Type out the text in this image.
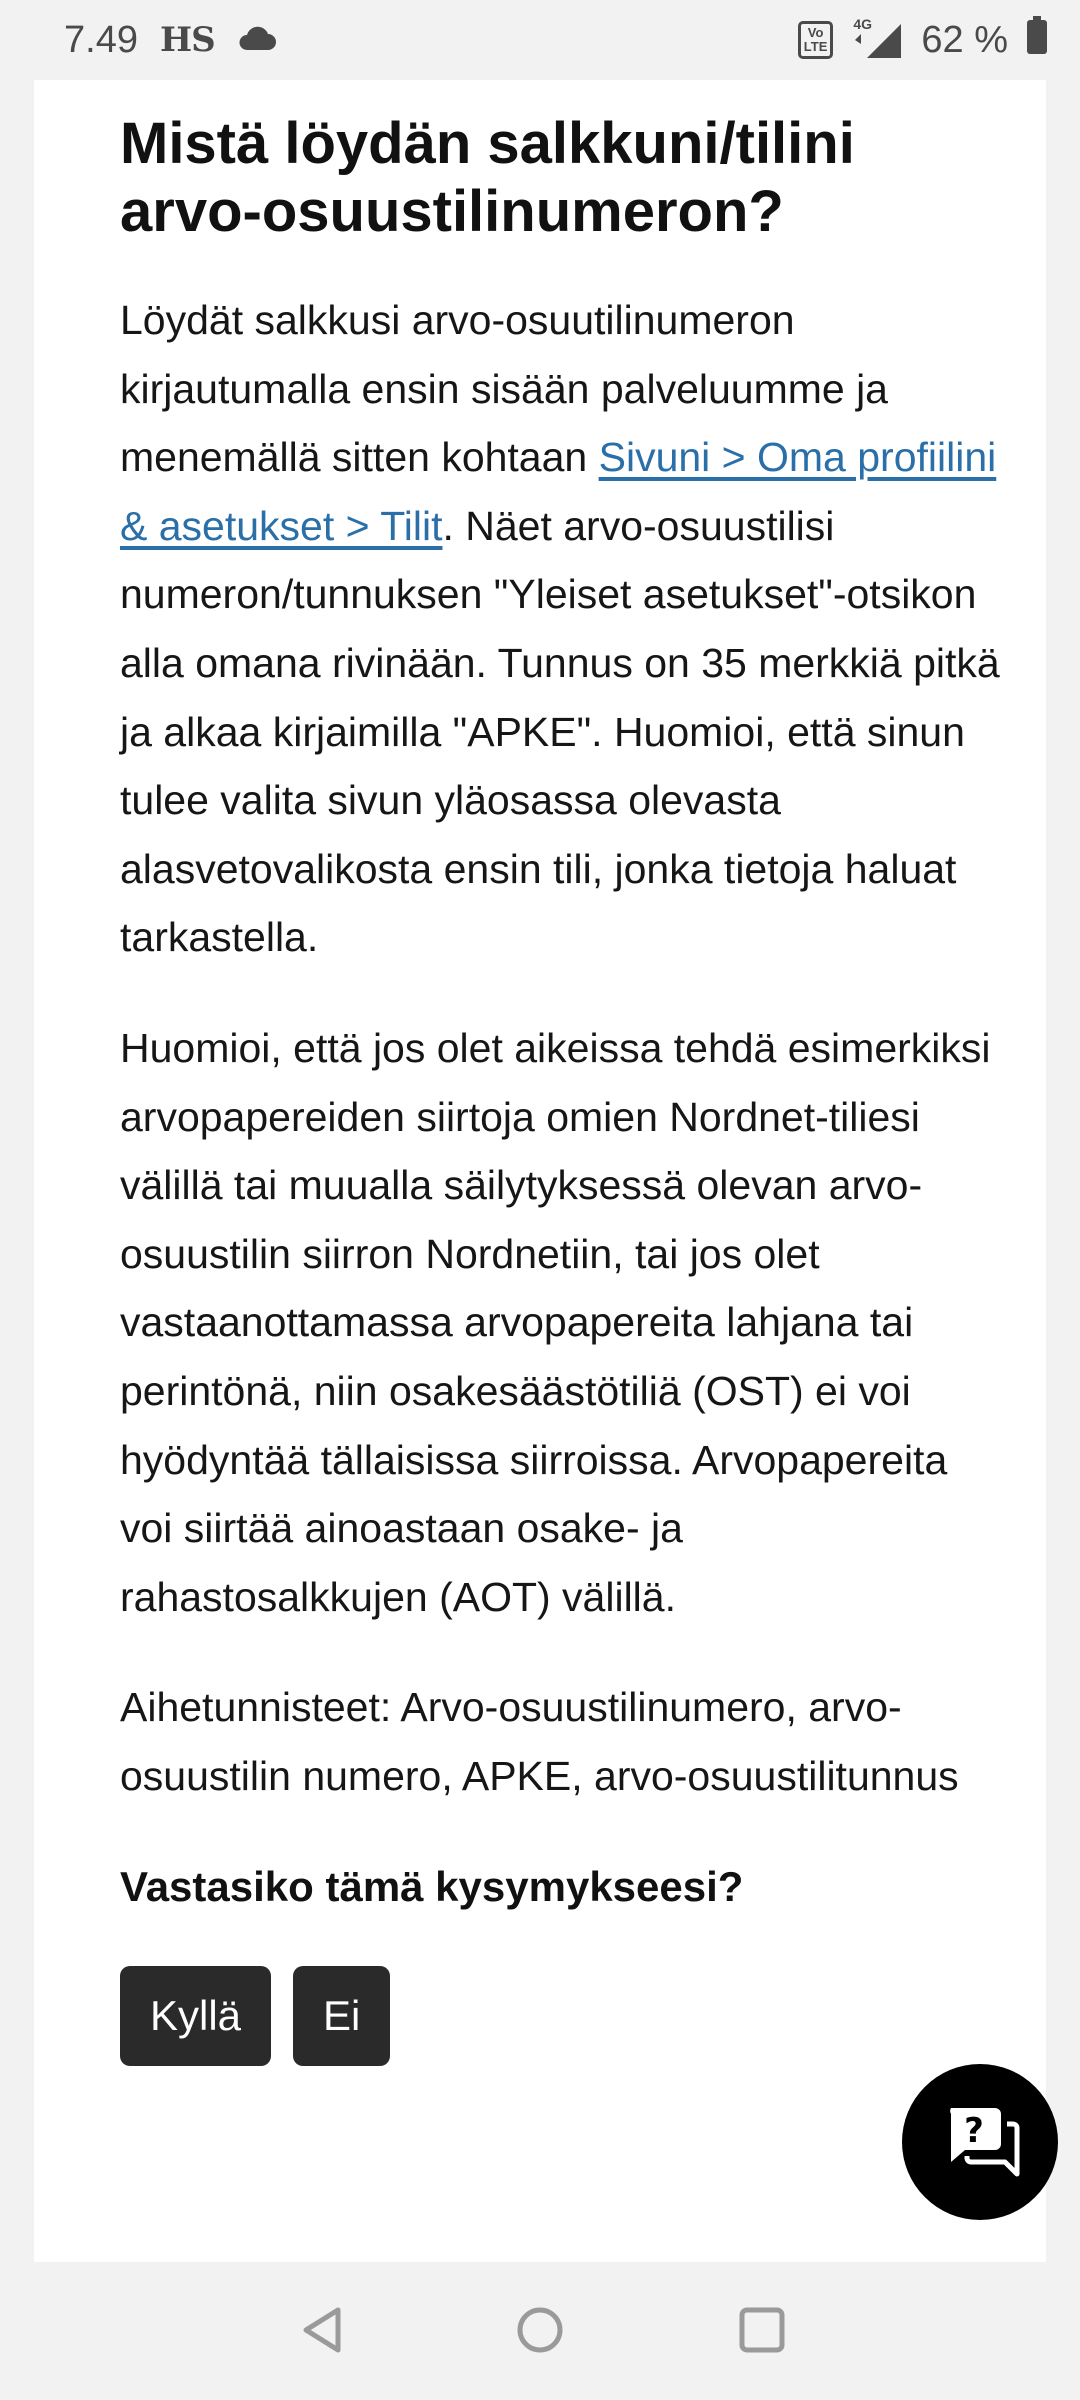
7.49 HS	Vo
LTE
4G 62 %
Mistä löydän salkkuni/tilini arvo-osuustilinumeron?

Löydät salkkusi arvo-osuutilinumeron kirjautumalla ensin sisään palveluumme ja menemällä sitten kohtaan Sivuni > Oma profiilini & asetukset > Tilit. Näet arvo-osuustilisi numeron/tunnuksen "Yleiset asetukset"-otsikon alla omana rivinään. Tunnus on 35 merkkiä pitkä ja alkaa kirjaimilla "APKE". Huomioi, että sinun tulee valita sivun yläosassa olevasta alasvetovalikosta ensin tili, jonka tietoja haluat tarkastella.

Huomioi, että jos olet aikeissa tehdä esimerkiksi arvopapereiden siirtoja omien Nordnet-tiliesi välillä tai muualla säilytyksessä olevan arvo-osuustilin siirron Nordnetiin, tai jos olet vastaanottamassa arvopapereita lahjana tai perintönä, niin osakesäästötiliä (OST) ei voi hyödyntää tällaisissa siirroissa. Arvopapereita voi siirtää ainoastaan osake- ja rahastosalkkujen (AOT) välillä.

Aihetunnisteet: Arvo-osuustilinumero, arvo-osuustilin numero, APKE, arvo-osuustilitunnus

Vastasiko tämä kysymykseesi?

Kyllä	Ei
?
